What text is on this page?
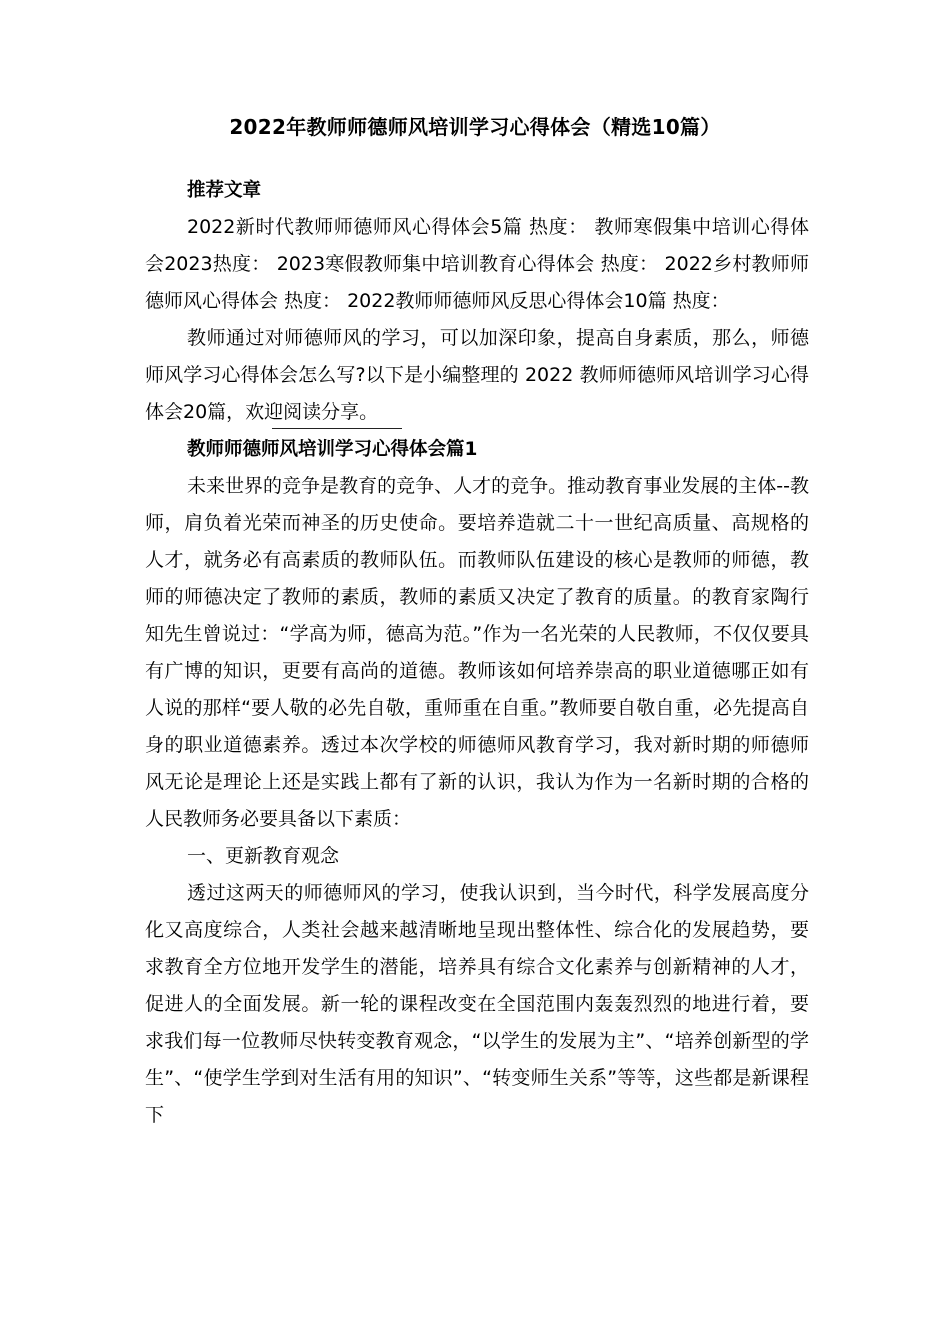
2022年教师师德师风培训学习心得体会（精选10篇）

推荐文章

2022新时代教师师德师风心得体会5篇 热度： 教师寒假集中培训心得体会2023热度： 2023寒假教师集中培训教育心得体会 热度： 2022乡村教师师德师风心得体会 热度： 2022教师师德师风反思心得体会10篇 热度：

教师通过对师德师风的学习，可以加深印象，提高自身素质，那么，师德师风学习心得体会怎么写?以下是小编整理的 2022 教师师德师风培训学习心得体会20篇，欢迎阅读分享。

教师师德师风培训学习心得体会篇1

未来世界的竞争是教育的竞争、人才的竞争。推动教育事业发展的主体--教师，肩负着光荣而神圣的历史使命。要培养造就二十一世纪高质量、高规格的人才，就务必有高素质的教师队伍。而教师队伍建设的核心是教师的师德，教师的师德决定了教师的素质，教师的素质又决定了教育的质量。的教育家陶行知先生曾说过：“学高为师，德高为范。”作为一名光荣的人民教师，不仅仅要具有广博的知识，更要有高尚的道德。教师该如何培养崇高的职业道德哪正如有人说的那样“要人敬的必先自敬，重师重在自重。”教师要自敬自重，必先提高自身的职业道德素养。透过本次学校的师德师风教育学习，我对新时期的师德师风无论是理论上还是实践上都有了新的认识，我认为作为一名新时期的合格的人民教师务必要具备以下素质：

一、更新教育观念

透过这两天的师德师风的学习，使我认识到，当今时代，科学发展高度分化又高度综合，人类社会越来越清晰地呈现出整体性、综合化的发展趋势，要求教育全方位地开发学生的潜能，培养具有综合文化素养与创新精神的人才，促进人的全面发展。新一轮的课程改变在全国范围内轰轰烈烈的地进行着，要求我们每一位教师尽快转变教育观念，“以学生的发展为主”、“培养创新型的学生”、“使学生学到对生活有用的知识”、“转变师生关系”等等，这些都是新课程下
